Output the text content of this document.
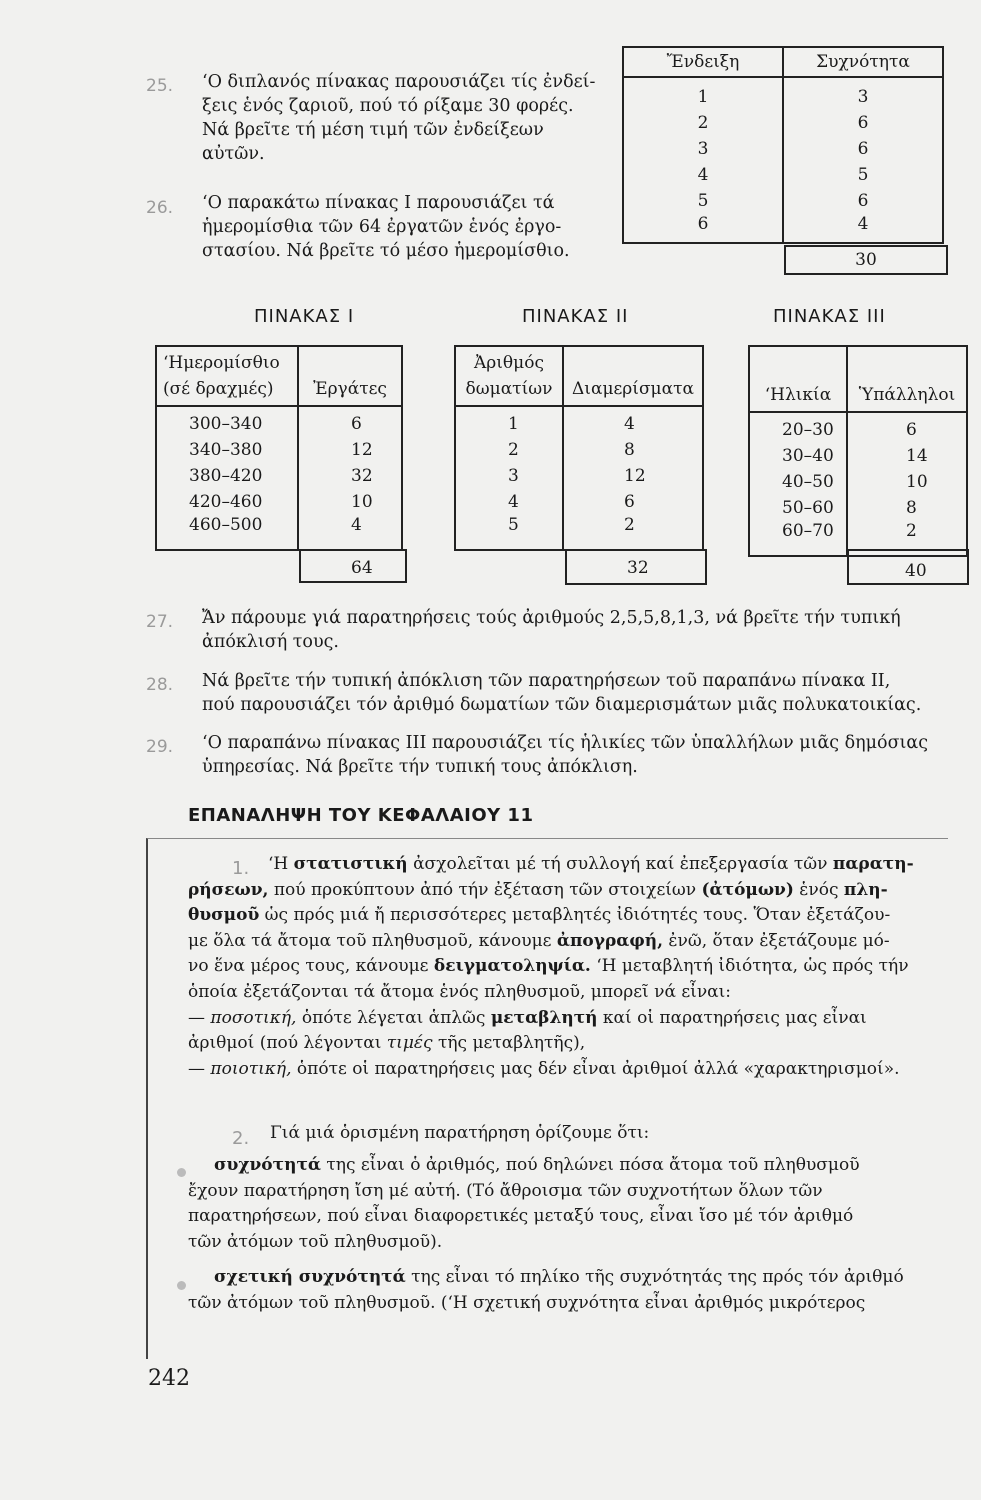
25. ‘Ο διπλανός πίνακας παρουσιάζει τίς ἐνδεί-
ξεις ἑνός ζαριοῦ, πού τό ρίξαμε 30 φορές.
Νά βρεῖτε τή μέση τιμή τῶν ἐνδείξεων
αὐτῶν.
26. ‘Ο παρακάτω πίνακας Ι παρουσιάζει τά
ἡμερομίσθια τῶν 64 ἐργατῶν ἑνός ἐργο-
στασίου. Νά βρεῖτε τό μέσο ἡμερομίσθιο.
Ἔνδειξη	Συχνότητα
1	3
2	6
3	6
4	5
5	6
6	4
30
ΠΙΝΑΚΑΣ Ι	ΠΙΝΑΚΑΣ ΙΙ	ΠΙΝΑΚΑΣ ΙΙΙ
‘Ημερομίσθιο
(σέ δραχμές)	Ἐργάτες
300–340	6
340–380	12
380–420	32
420–460	10
460–500	4
64
Ἀριθμός
δωματίων	Διαμερίσματα
1	4
2	8
3	12
4	6
5	2
32
‘Ηλικία	Ὑπάλληλοι
20–30	6
30–40	14
40–50	10
50–60	8
60–70	2
40
27. Ἄν πάρουμε γιά παρατηρήσεις τούς ἀριθμούς 2,5,5,8,1,3, νά βρεῖτε τήν τυπική
ἀπόκλισή τους.
28. Νά βρεῖτε τήν τυπική ἀπόκλιση τῶν παρατηρήσεων τοῦ παραπάνω πίνακα ΙΙ,
πού παρουσιάζει τόν ἀριθμό δωματίων τῶν διαμερισμάτων μιᾶς πολυκατοικίας.
29. ‘Ο παραπάνω πίνακας ΙΙΙ παρουσιάζει τίς ἡλικίες τῶν ὑπαλλήλων μιᾶς δημόσιας
ὑπηρεσίας. Νά βρεῖτε τήν τυπική τους ἀπόκλιση.
ΕΠΑΝΑΛΗΨΗ ΤΟΥ ΚΕΦΑΛΑΙΟΥ 11
1.	‘Η στατιστική ἀσχολεῖται μέ τή συλλογή καί ἐπεξεργασία τῶν παρατη-
ρήσεων, πού προκύπτουν ἀπό τήν ἐξέταση τῶν στοιχείων (ἀτόμων) ἑνός πλη-
θυσμοῦ ὡς πρός μιά ἤ περισσότερες μεταβλητές ἰδιότητές τους. Ὅταν ἐξετάζου-
με ὅλα τά ἄτομα τοῦ πληθυσμοῦ, κάνουμε ἀπογραφή, ἐνῶ, ὅταν ἐξετάζουμε μό-
νο ἕνα μέρος τους, κάνουμε δειγματοληψία. ‘Η μεταβλητή ἰδιότητα, ὡς πρός τήν
ὁποία ἐξετάζονται τά ἄτομα ἑνός πληθυσμοῦ, μπορεῖ νά εἶναι:
— ποσοτική, ὁπότε λέγεται ἁπλῶς μεταβλητή καί οἱ παρατηρήσεις μας εἶναι
ἀριθμοί (πού λέγονται τιμές τῆς μεταβλητῆς),
— ποιοτική, ὁπότε οἱ παρατηρήσεις μας δέν εἶναι ἀριθμοί ἀλλά «χαρακτηρισμοί».
2. Γιά μιά ὁρισμένη παρατήρηση ὁρίζουμε ὅτι:
συχνότητά της εἶναι ὁ ἀριθμός, πού δηλώνει πόσα ἄτομα τοῦ πληθυσμοῦ
ἔχουν παρατήρηση ἴση μέ αὐτή. (Τό ἄθροισμα τῶν συχνοτήτων ὅλων τῶν
παρατηρήσεων, πού εἶναι διαφορετικές μεταξύ τους, εἶναι ἴσο μέ τόν ἀριθμό
τῶν ἀτόμων τοῦ πληθυσμοῦ).
σχετική συχνότητά της εἶναι τό πηλίκο τῆς συχνότητάς της πρός τόν ἀριθμό
τῶν ἀτόμων τοῦ πληθυσμοῦ. (‘Η σχετική συχνότητα εἶναι ἀριθμός μικρότερος
242
